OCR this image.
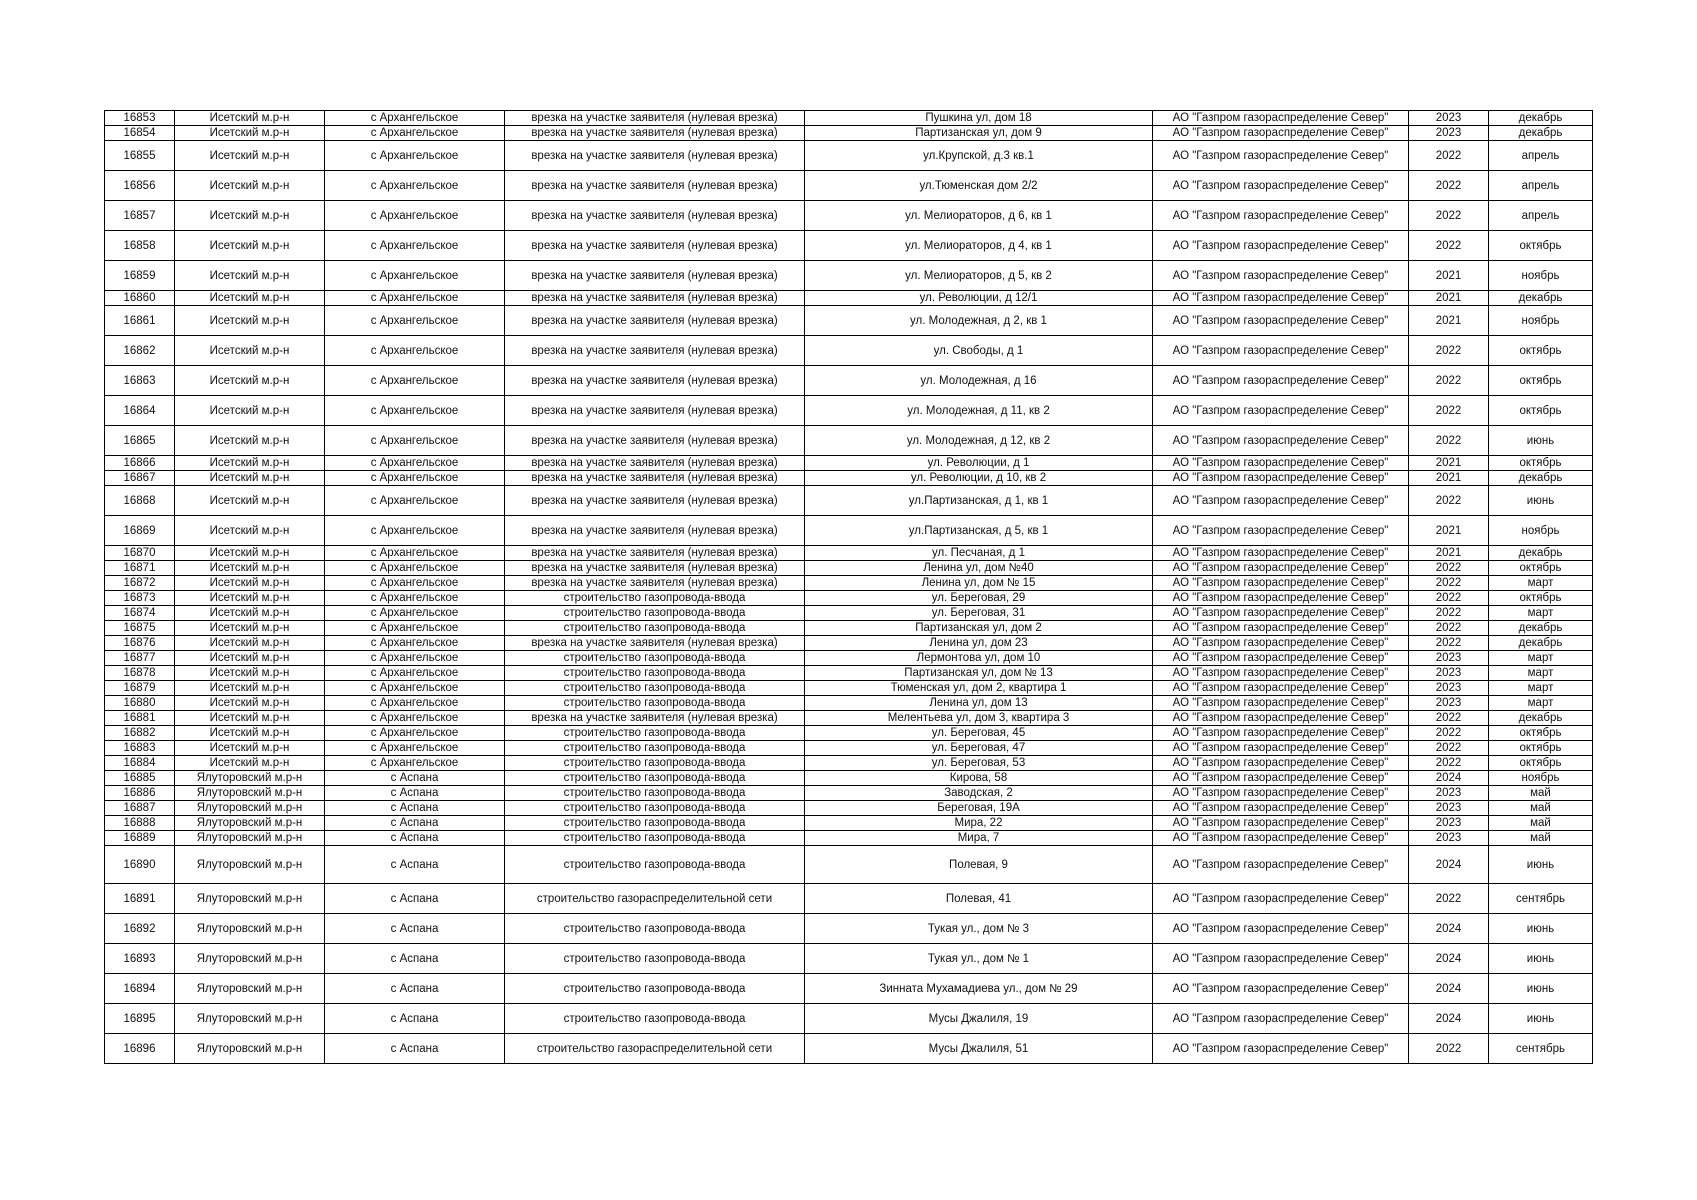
16853	Исетский м.р-н	с Архангельское	врезка на участке заявителя (нулевая врезка)	Пушкина ул, дом 18	АО "Газпром газораспределение Север"	2023	декабрь
16854	Исетский м.р-н	с Архангельское	врезка на участке заявителя (нулевая врезка)	Партизанская ул, дом 9	АО "Газпром газораспределение Север"	2023	декабрь
16855	Исетский м.р-н	с Архангельское	врезка на участке заявителя (нулевая врезка)	ул.Крупской, д.3 кв.1	АО "Газпром газораспределение Север"	2022	апрель
16856	Исетский м.р-н	с Архангельское	врезка на участке заявителя (нулевая врезка)	ул.Тюменская дом 2/2	АО "Газпром газораспределение Север"	2022	апрель
16857	Исетский м.р-н	с Архангельское	врезка на участке заявителя (нулевая врезка)	ул. Мелиораторов, д 6, кв 1	АО "Газпром газораспределение Север"	2022	апрель
16858	Исетский м.р-н	с Архангельское	врезка на участке заявителя (нулевая врезка)	ул. Мелиораторов, д 4, кв 1	АО "Газпром газораспределение Север"	2022	октябрь
16859	Исетский м.р-н	с Архангельское	врезка на участке заявителя (нулевая врезка)	ул. Мелиораторов, д 5, кв 2	АО "Газпром газораспределение Север"	2021	ноябрь
16860	Исетский м.р-н	с Архангельское	врезка на участке заявителя (нулевая врезка)	ул. Революции, д 12/1	АО "Газпром газораспределение Север"	2021	декабрь
16861	Исетский м.р-н	с Архангельское	врезка на участке заявителя (нулевая врезка)	ул. Молодежная, д 2, кв 1	АО "Газпром газораспределение Север"	2021	ноябрь
16862	Исетский м.р-н	с Архангельское	врезка на участке заявителя (нулевая врезка)	ул. Свободы, д 1	АО "Газпром газораспределение Север"	2022	октябрь
16863	Исетский м.р-н	с Архангельское	врезка на участке заявителя (нулевая врезка)	ул. Молодежная, д 16	АО "Газпром газораспределение Север"	2022	октябрь
16864	Исетский м.р-н	с Архангельское	врезка на участке заявителя (нулевая врезка)	ул. Молодежная, д 11, кв 2	АО "Газпром газораспределение Север"	2022	октябрь
16865	Исетский м.р-н	с Архангельское	врезка на участке заявителя (нулевая врезка)	ул. Молодежная, д 12, кв 2	АО "Газпром газораспределение Север"	2022	июнь
16866	Исетский м.р-н	с Архангельское	врезка на участке заявителя (нулевая врезка)	ул. Революции, д 1	АО "Газпром газораспределение Север"	2021	октябрь
16867	Исетский м.р-н	с Архангельское	врезка на участке заявителя (нулевая врезка)	ул. Революции, д 10, кв 2	АО "Газпром газораспределение Север"	2021	декабрь
16868	Исетский м.р-н	с Архангельское	врезка на участке заявителя (нулевая врезка)	ул.Партизанская, д 1, кв 1	АО "Газпром газораспределение Север"	2022	июнь
16869	Исетский м.р-н	с Архангельское	врезка на участке заявителя (нулевая врезка)	ул.Партизанская, д 5, кв 1	АО "Газпром газораспределение Север"	2021	ноябрь
16870	Исетский м.р-н	с Архангельское	врезка на участке заявителя (нулевая врезка)	ул. Песчаная, д 1	АО "Газпром газораспределение Север"	2021	декабрь
16871	Исетский м.р-н	с Архангельское	врезка на участке заявителя (нулевая врезка)	Ленина ул, дом №40	АО "Газпром газораспределение Север"	2022	октябрь
16872	Исетский м.р-н	с Архангельское	врезка на участке заявителя (нулевая врезка)	Ленина ул, дом № 15	АО "Газпром газораспределение Север"	2022	март
16873	Исетский м.р-н	с Архангельское	строительство газопровода-ввода	ул. Береговая, 29	АО "Газпром газораспределение Север"	2022	октябрь
16874	Исетский м.р-н	с Архангельское	строительство газопровода-ввода	ул. Береговая, 31	АО "Газпром газораспределение Север"	2022	март
16875	Исетский м.р-н	с Архангельское	строительство газопровода-ввода	Партизанская ул, дом 2	АО "Газпром газораспределение Север"	2022	декабрь
16876	Исетский м.р-н	с Архангельское	врезка на участке заявителя (нулевая врезка)	Ленина ул, дом 23	АО "Газпром газораспределение Север"	2022	декабрь
16877	Исетский м.р-н	с Архангельское	строительство газопровода-ввода	Лермонтова ул, дом 10	АО "Газпром газораспределение Север"	2023	март
16878	Исетский м.р-н	с Архангельское	строительство газопровода-ввода	Партизанская ул, дом № 13	АО "Газпром газораспределение Север"	2023	март
16879	Исетский м.р-н	с Архангельское	строительство газопровода-ввода	Тюменская ул, дом 2, квартира 1	АО "Газпром газораспределение Север"	2023	март
16880	Исетский м.р-н	с Архангельское	строительство газопровода-ввода	Ленина ул, дом 13	АО "Газпром газораспределение Север"	2023	март
16881	Исетский м.р-н	с Архангельское	врезка на участке заявителя (нулевая врезка)	Мелентьева ул, дом 3, квартира 3	АО "Газпром газораспределение Север"	2022	декабрь
16882	Исетский м.р-н	с Архангельское	строительство газопровода-ввода	ул. Береговая, 45	АО "Газпром газораспределение Север"	2022	октябрь
16883	Исетский м.р-н	с Архангельское	строительство газопровода-ввода	ул. Береговая, 47	АО "Газпром газораспределение Север"	2022	октябрь
16884	Исетский м.р-н	с Архангельское	строительство газопровода-ввода	ул. Береговая, 53	АО "Газпром газораспределение Север"	2022	октябрь
16885	Ялуторовский м.р-н	с Аспана	строительство газопровода-ввода	Кирова, 58	АО "Газпром газораспределение Север"	2024	ноябрь
16886	Ялуторовский м.р-н	с Аспана	строительство газопровода-ввода	Заводская, 2	АО "Газпром газораспределение Север"	2023	май
16887	Ялуторовский м.р-н	с Аспана	строительство газопровода-ввода	Береговая, 19А	АО "Газпром газораспределение Север"	2023	май
16888	Ялуторовский м.р-н	с Аспана	строительство газопровода-ввода	Мира, 22	АО "Газпром газораспределение Север"	2023	май
16889	Ялуторовский м.р-н	с Аспана	строительство газопровода-ввода	Мира, 7	АО "Газпром газораспределение Север"	2023	май
16890	Ялуторовский м.р-н	с Аспана	строительство газопровода-ввода	Полевая, 9	АО "Газпром газораспределение Север"	2024	июнь
16891	Ялуторовский м.р-н	с Аспана	строительство газораспределительной сети	Полевая, 41	АО "Газпром газораспределение Север"	2022	сентябрь
16892	Ялуторовский м.р-н	с Аспана	строительство газопровода-ввода	Тукая ул., дом № 3	АО "Газпром газораспределение Север"	2024	июнь
16893	Ялуторовский м.р-н	с Аспана	строительство газопровода-ввода	Тукая ул., дом № 1	АО "Газпром газораспределение Север"	2024	июнь
16894	Ялуторовский м.р-н	с Аспана	строительство газопровода-ввода	Зинната Мухамадиева ул., дом № 29	АО "Газпром газораспределение Север"	2024	июнь
16895	Ялуторовский м.р-н	с Аспана	строительство газопровода-ввода	Мусы Джалиля, 19	АО "Газпром газораспределение Север"	2024	июнь
16896	Ялуторовский м.р-н	с Аспана	строительство газораспределительной сети	Мусы Джалиля, 51	АО "Газпром газораспределение Север"	2022	сентябрь
